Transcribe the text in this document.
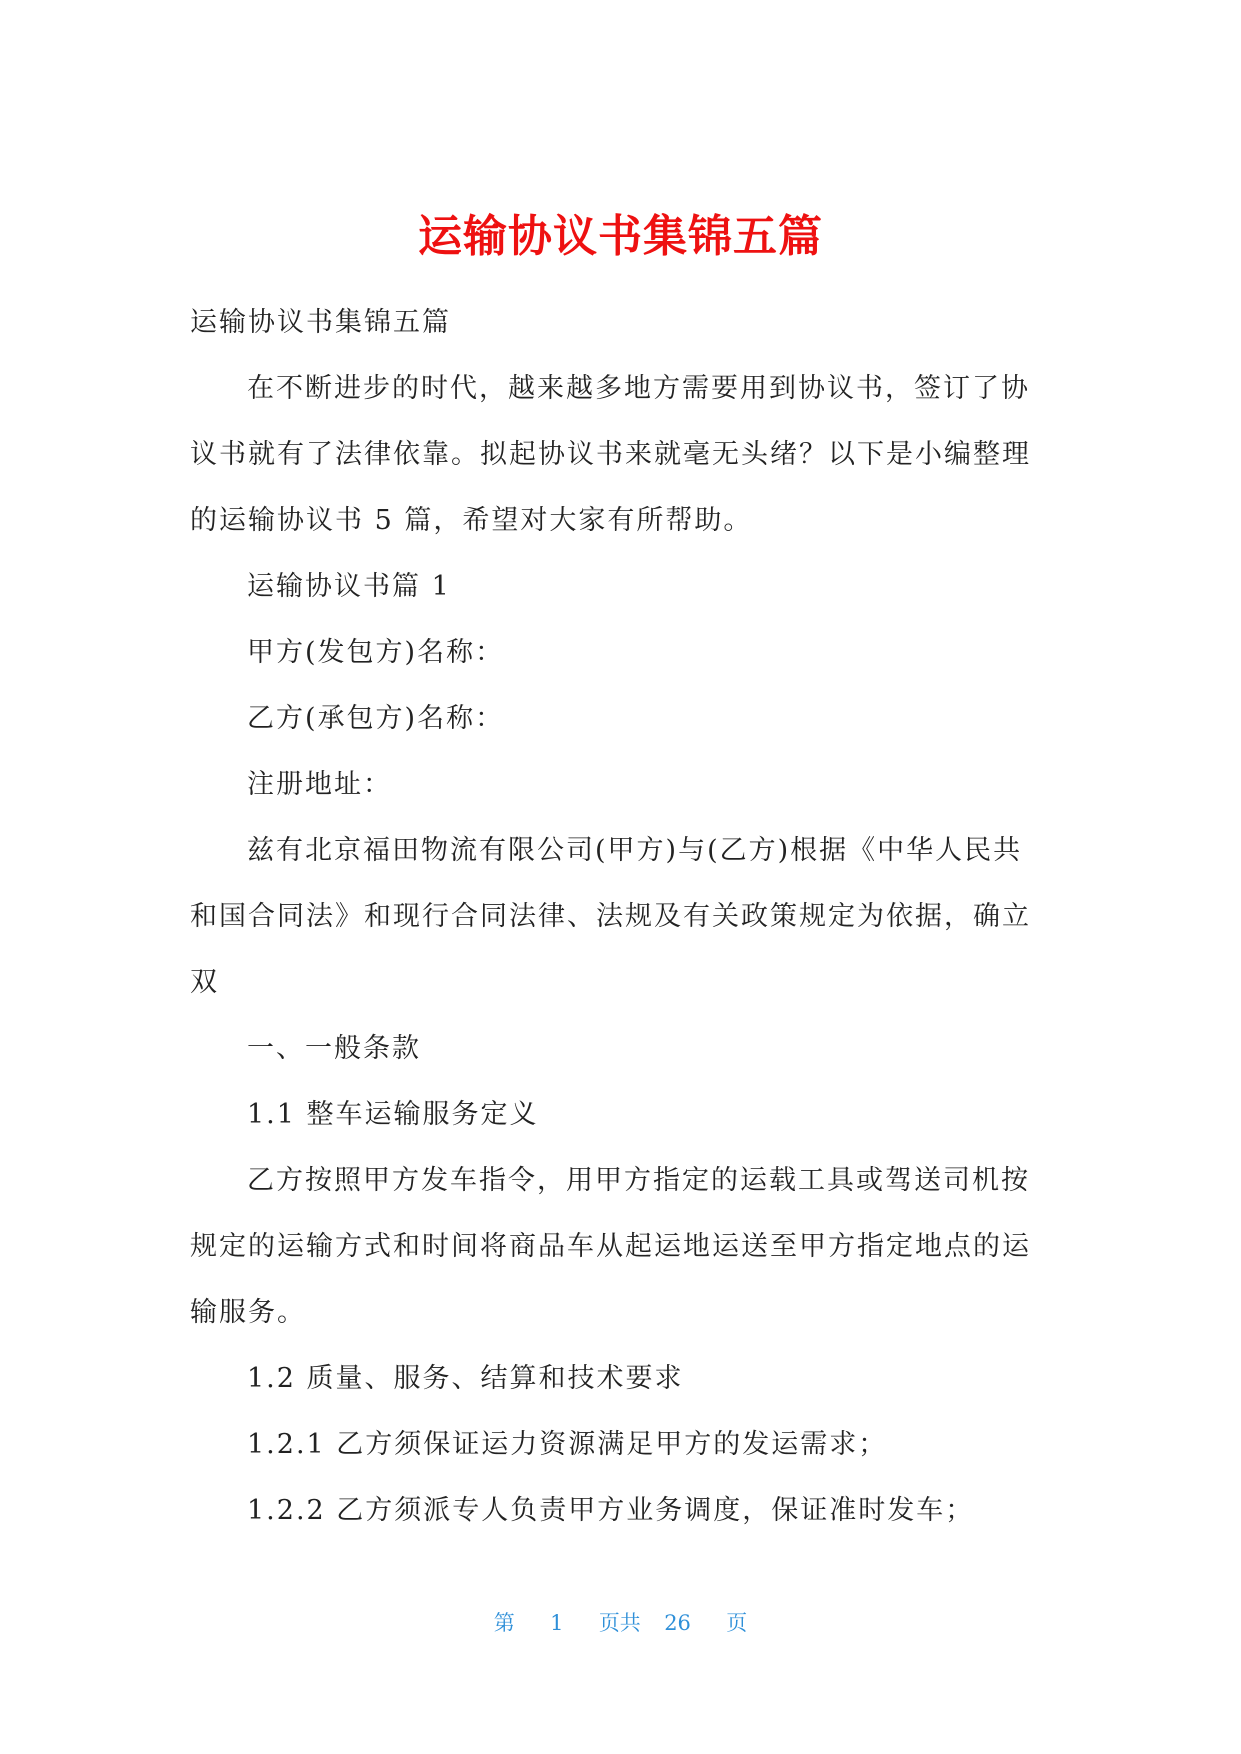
运输协议书集锦五篇

运输协议书集锦五篇

在不断进步的时代，越来越多地方需要用到协议书，签订了协议书就有了法律依靠。拟起协议书来就毫无头绪？以下是小编整理的运输协议书 5 篇，希望对大家有所帮助。

运输协议书篇 1

甲方(发包方)名称：

乙方(承包方)名称：

注册地址：

兹有北京福田物流有限公司(甲方)与(乙方)根据《中华人民共和国合同法》和现行合同法律、法规及有关政策规定为依据，确立双

一、一般条款

1.1 整车运输服务定义

乙方按照甲方发车指令，用甲方指定的运载工具或驾送司机按规定的运输方式和时间将商品车从起运地运送至甲方指定地点的运输服务。

1.2 质量、服务、结算和技术要求

1.2.1 乙方须保证运力资源满足甲方的发运需求；

1.2.2 乙方须派专人负责甲方业务调度，保证准时发车；

第 1 页共 26 页
